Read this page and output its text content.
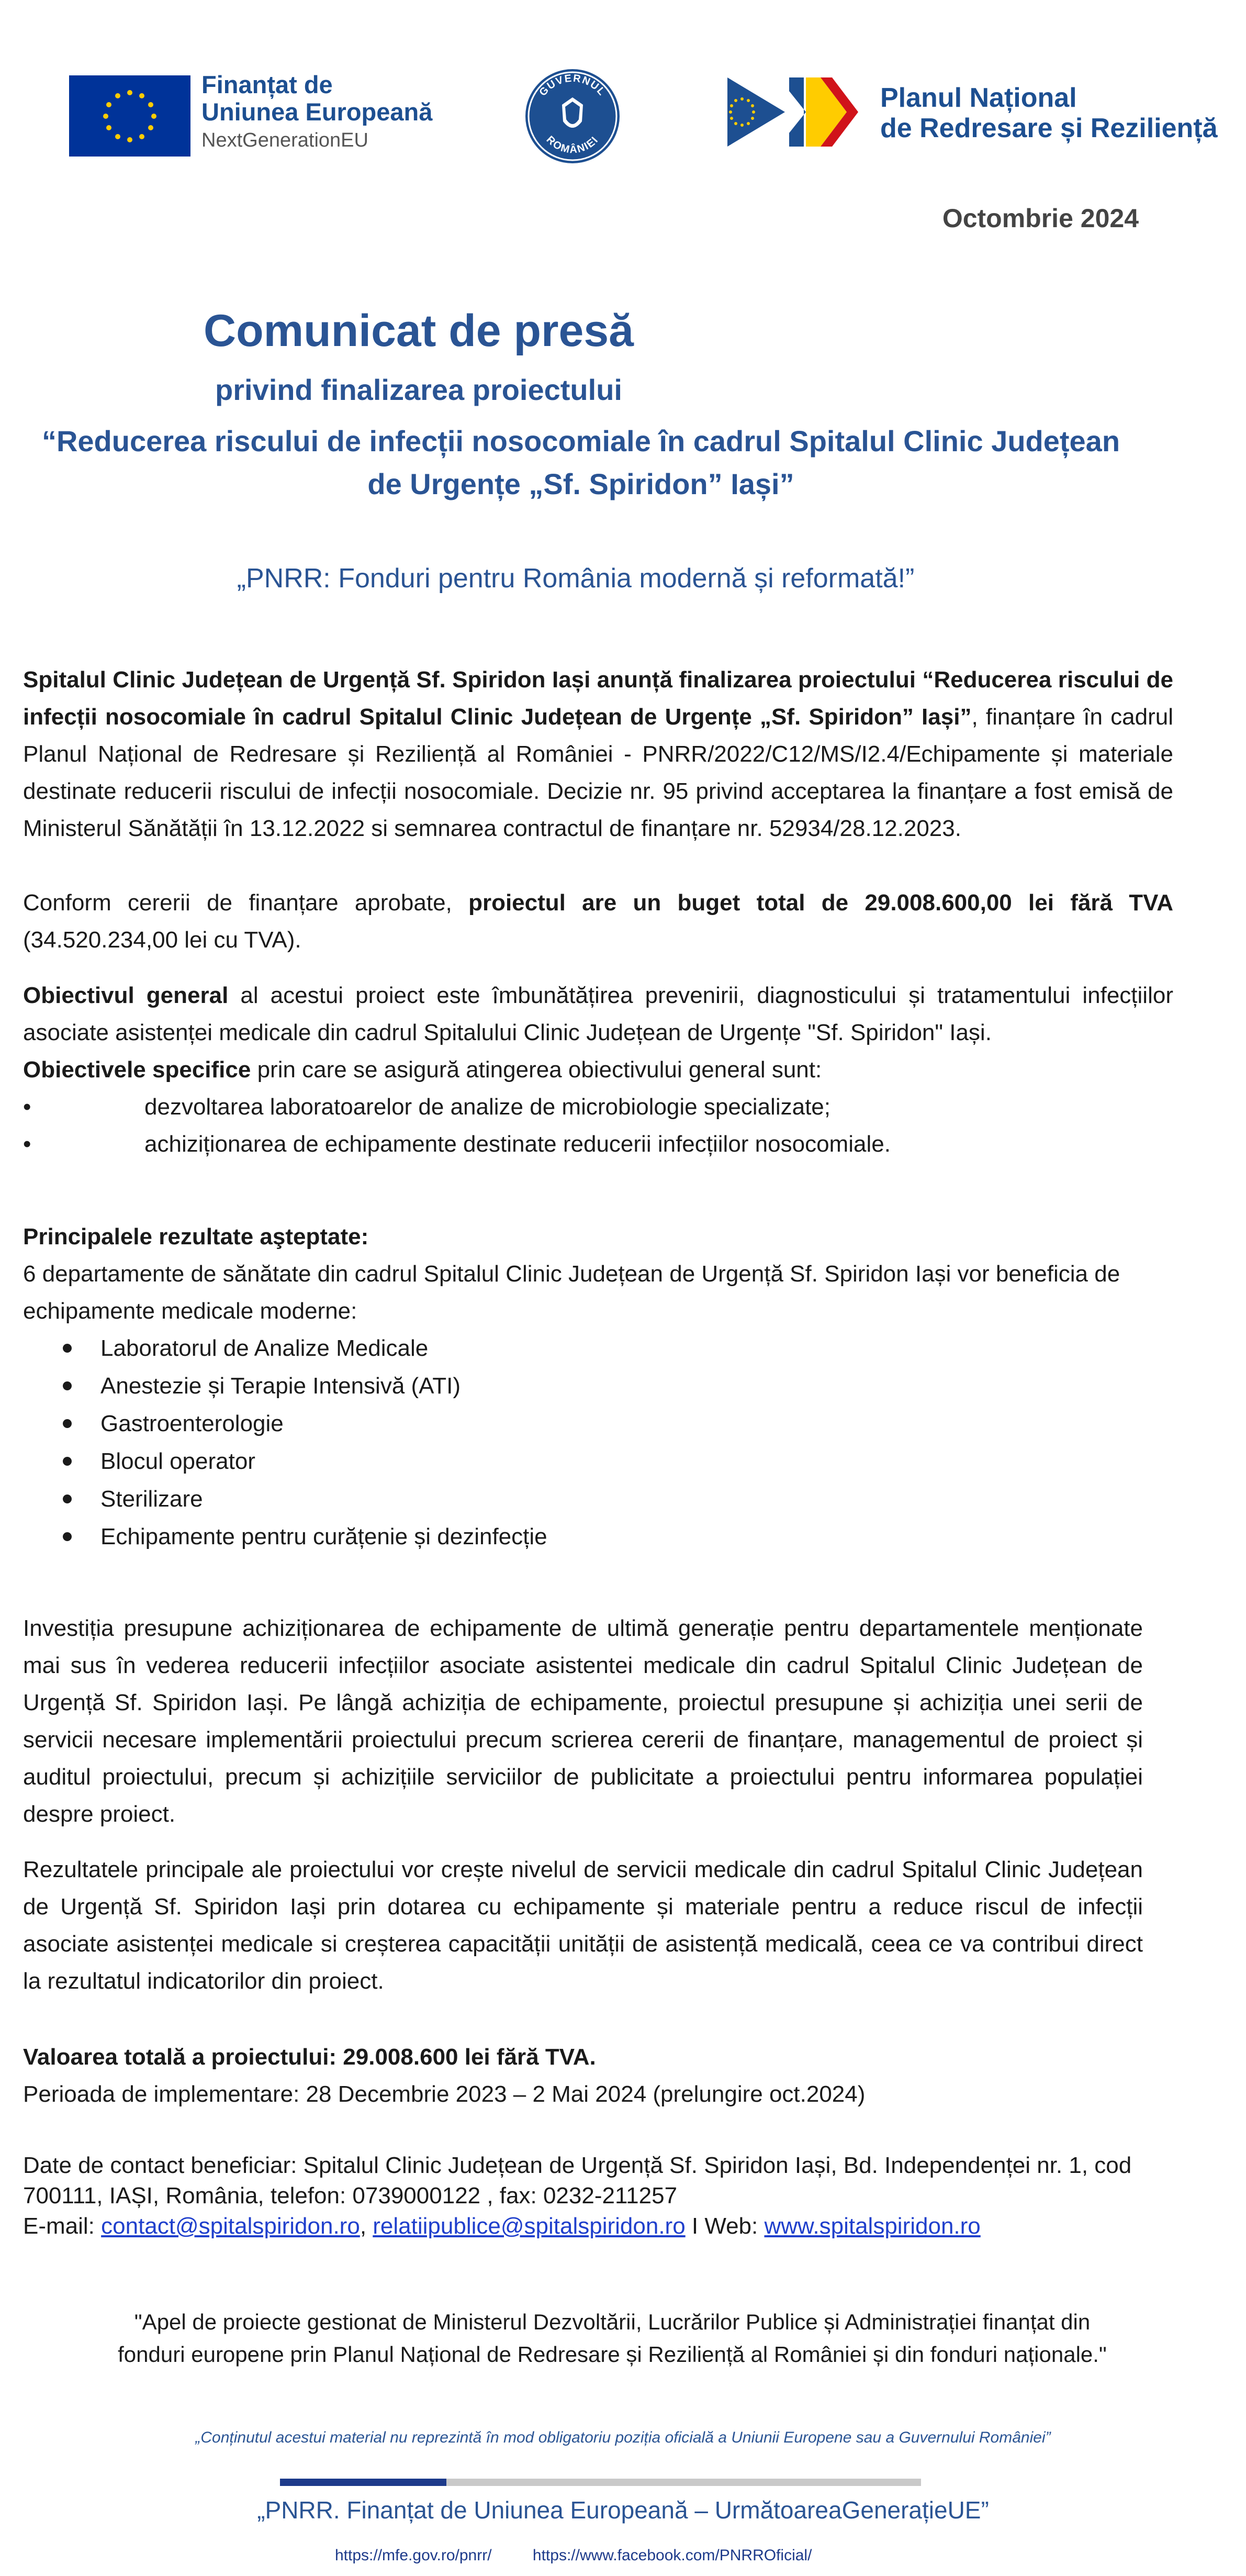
Finanțat de
Uniunea Europeană
NextGenerationEU
GUVERNUL
ROMÂNIEI
Planul Național
de Redresare și Reziliență
Octombrie 2024
Comunicat de presă
privind finalizarea proiectului
“Reducerea riscului de infecții nosocomiale în cadrul Spitalul Clinic Județean
de Urgențe „Sf. Spiridon” Iași”
„PNRR: Fonduri pentru România modernă și reformată!”
Spitalul Clinic Județean de Urgență Sf. Spiridon Iași anunță finalizarea proiectului “Reducerea riscului de infecții nosocomiale în cadrul Spitalul Clinic Județean de Urgențe „Sf. Spiridon” Iași”, finanțare în cadrul Planul Național de Redresare și Reziliență al României - PNRR/2022/C12/MS/I2.4/Echipamente și materiale destinate reducerii riscului de infecții nosocomiale. Decizie nr. 95 privind acceptarea la finanțare a fost emisă de Ministerul Sănătății în 13.12.2022 si semnarea contractul de finanțare nr. 52934/28.12.2023.
Conform cererii de finanțare aprobate, proiectul are un buget total de 29.008.600,00 lei fără TVA (34.520.234,00 lei cu TVA).
Obiectivul general al acestui proiect este îmbunătățirea prevenirii, diagnosticului și tratamentului infecțiilor asociate asistenței medicale din cadrul Spitalului Clinic Județean de Urgențe "Sf. Spiridon" Iași.
Obiectivele specifice prin care se asigură atingerea obiectivului general sunt:
•	dezvoltarea laboratoarelor de analize de microbiologie specializate;
•	achiziționarea de echipamente destinate reducerii infecțiilor nosocomiale.
Principalele rezultate aşteptate:
6 departamente de sănătate din cadrul Spitalul Clinic Județean de Urgență Sf. Spiridon Iași vor beneficia de echipamente medicale moderne:
Laboratorul de Analize Medicale
Anestezie și Terapie Intensivă (ATI)
Gastroenterologie
Blocul operator
Sterilizare
Echipamente pentru curățenie și dezinfecție
Investiția presupune achiziționarea de echipamente de ultimă generație pentru departamentele menționate mai sus în vederea reducerii infecțiilor asociate asistentei medicale din cadrul Spitalul Clinic Județean de Urgență Sf. Spiridon Iași. Pe lângă achiziția de echipamente, proiectul presupune și achiziția unei serii de servicii necesare implementării proiectului precum scrierea cererii de finanțare, managementul de proiect și auditul proiectului, precum și achizițiile serviciilor de publicitate a proiectului pentru informarea populației despre proiect.
Rezultatele principale ale proiectului vor crește nivelul de servicii medicale din cadrul Spitalul Clinic Județean de Urgență Sf. Spiridon Iași prin dotarea cu echipamente și materiale pentru a reduce riscul de infecții asociate asistenței medicale si creșterea capacității unității de asistență medicală, ceea ce va contribui direct la rezultatul indicatorilor din proiect.
Valoarea totală a proiectului: 29.008.600 lei fără TVA.
Perioada de implementare: 28 Decembrie 2023 – 2 Mai 2024 (prelungire oct.2024)
Date de contact beneficiar: Spitalul Clinic Județean de Urgență Sf. Spiridon Iași, Bd. Independenței nr. 1, cod 700111, IAȘI, România, telefon: 0739000122 , fax: 0232-211257
E-mail: contact@spitalspiridon.ro, relatiipublice@spitalspiridon.ro I Web: www.spitalspiridon.ro
"Apel de proiecte gestionat de Ministerul Dezvoltării, Lucrărilor Publice și Administrației finanțat din
fonduri europene prin Planul Național de Redresare și Reziliență al României și din fonduri naționale."
„Conținutul acestui material nu reprezintă în mod obligatoriu poziția oficială a Uniunii Europene sau a Guvernului României”
„PNRR. Finanțat de Uniunea Europeană – UrmătoareaGenerațieUE”
https://mfe.gov.ro/pnrr/	https://www.facebook.com/PNRROficial/
